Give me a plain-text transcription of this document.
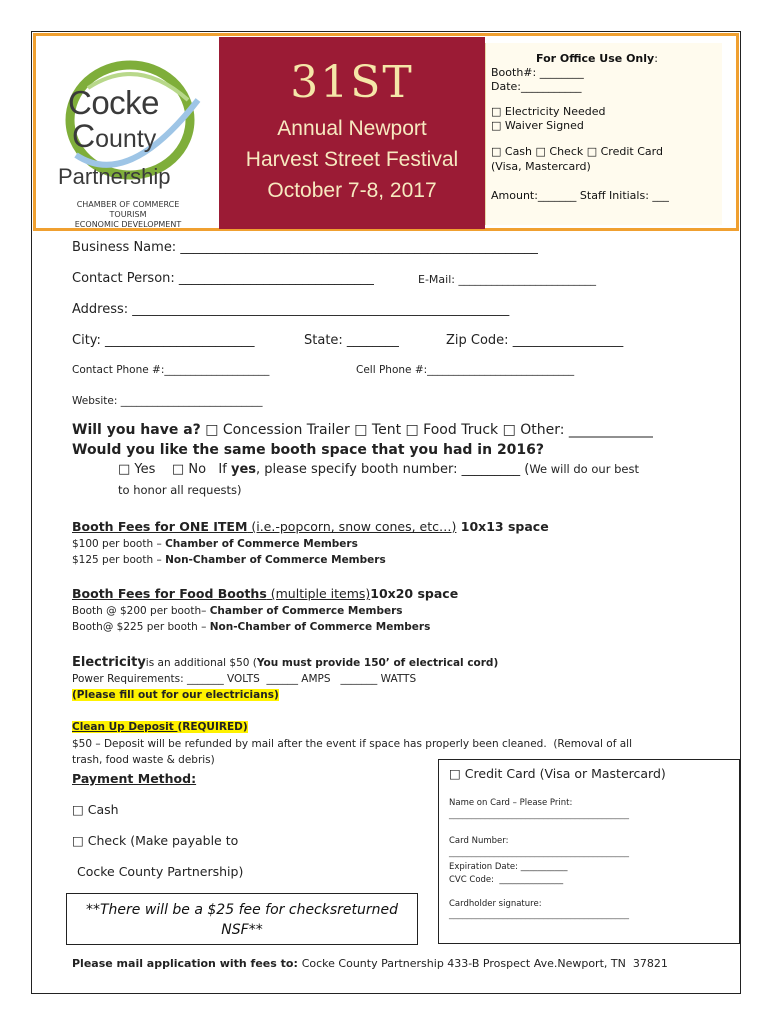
Cocke
County
Partnership
CHAMBER OF COMMERCE
TOURISM
ECONOMIC DEVELOPMENT
31ST
Annual Newport
Harvest Street Festival
October 7-8, 2017
For Office Use Only:
Booth#: ________
Date:___________
□ Electricity Needed
□ Waiver Signed
□ Cash □ Check □ Credit Card
(Visa, Mastercard)
Amount:_______ Staff Initials: ___
Business Name: _______________________________________________________
Contact Person: ______________________________	E-Mail: _________________________
Address: __________________________________________________________
City: _______________________	State: ________	Zip Code: _________________
Contact Phone #:____________________	Cell Phone #:____________________________
Website: ___________________________
Will you have a? □ Concession Trailer □ Tent □ Food Truck □ Other: ____________
Would you like the same booth space that you had in 2016?
□ Yes    □ No   If yes, please specify booth number: _________ (We will do our best
to honor all requests)
Booth Fees for ONE ITEM (i.e.-popcorn, snow cones, etc…) 10x13 space
$100 per booth – Chamber of Commerce Members
$125 per booth – Non-Chamber of Commerce Members
Booth Fees for Food Booths (multiple items)10x20 space
Booth @ $200 per booth– Chamber of Commerce Members
Booth@ $225 per booth – Non-Chamber of Commerce Members
Electricityis an additional $50 (You must provide 150’ of electrical cord)
Power Requirements: _______ VOLTS  ______ AMPS   _______ WATTS
(Please fill out for our electricians)
Clean Up Deposit (REQUIRED)
$50 – Deposit will be refunded by mail after the event if space has properly been cleaned.  (Removal of all
trash, food waste & debris)
Payment Method:
□ Cash
□ Check (Make payable to
Cocke County Partnership)
**There will be a $25 fee for checksreturned
NSF**
□ Credit Card (Visa or Mastercard)
Name on Card – Please Print:
________________________________________
Card Number:
________________________________________
Expiration Date: ___________
CVC Code:  _______________
Cardholder signature:
________________________________________
Please mail application with fees to: Cocke County Partnership 433-B Prospect Ave.Newport, TN  37821
